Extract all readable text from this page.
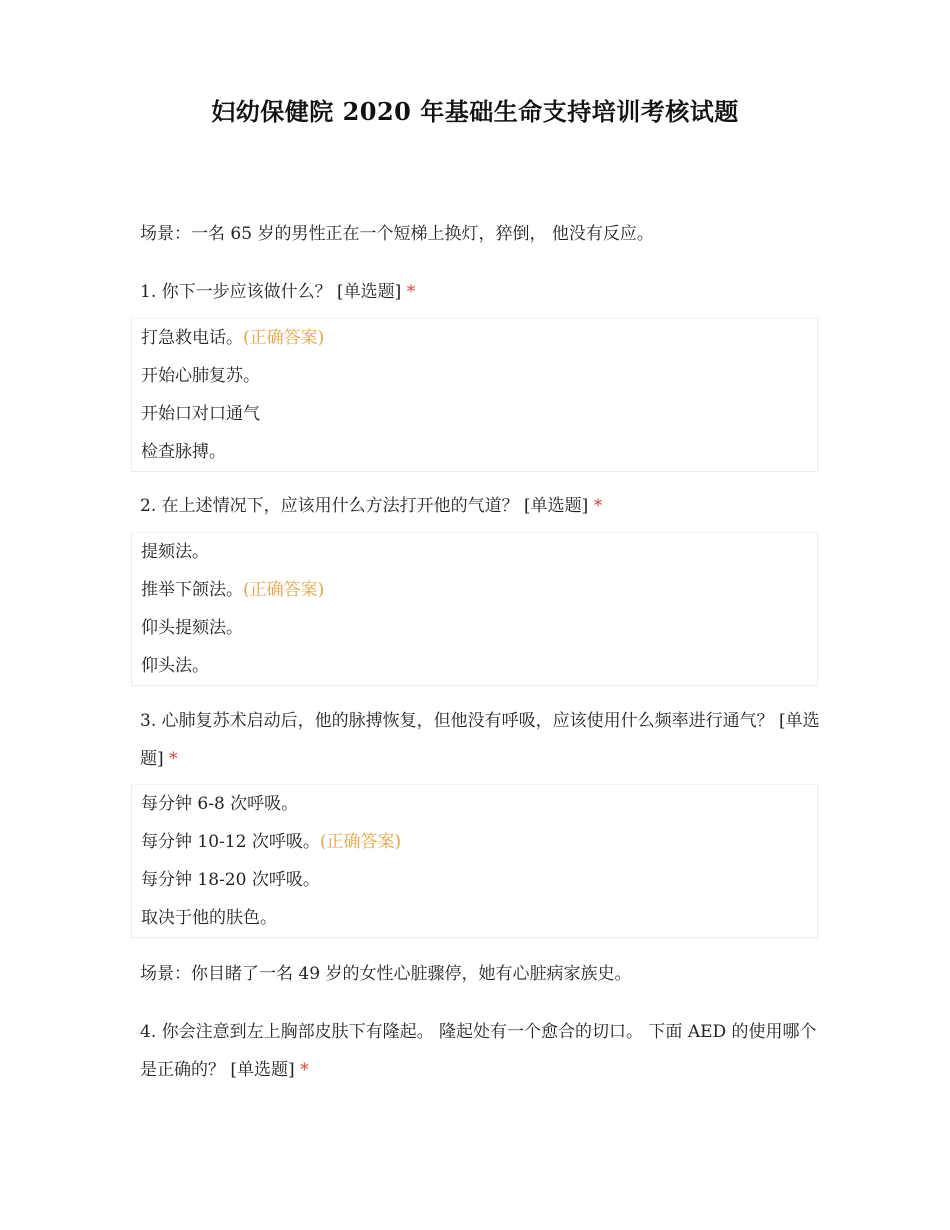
妇幼保健院 2020 年基础生命支持培训考核试题

场景：一名 65 岁的男性正在一个短梯上换灯，猝倒， 他没有反应。

1. 你下一步应该做什么？ [单选题] *

打急救电话。(正确答案)
开始心肺复苏。
开始口对口通气
检查脉搏。

2. 在上述情况下，应该用什么方法打开他的气道？ [单选题] *

提颏法。
推举下颌法。(正确答案)
仰头提颏法。
仰头法。

3. 心肺复苏术启动后，他的脉搏恢复，但他没有呼吸，应该使用什么频率进行通气？ [单选题] *

每分钟 6-8 次呼吸。
每分钟 10-12 次呼吸。(正确答案)
每分钟 18-20 次呼吸。
取决于他的肤色。

场景：你目睹了一名 49 岁的女性心脏骤停，她有心脏病家族史。

4. 你会注意到左上胸部皮肤下有隆起。 隆起处有一个愈合的切口。 下面 AED 的使用哪个是正确的？ [单选题] *
